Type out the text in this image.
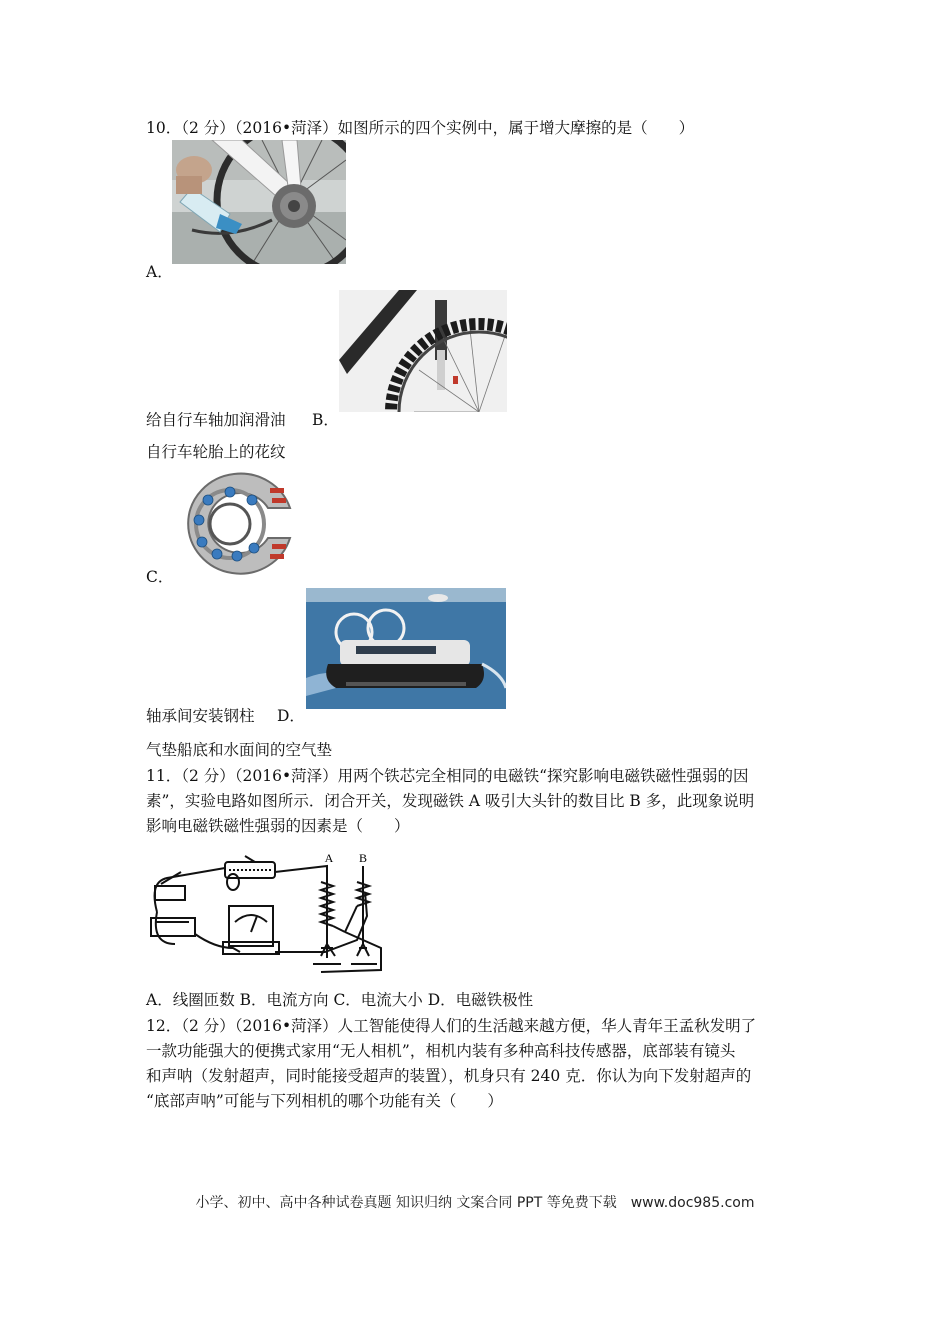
10．（2 分）（2016•菏泽）如图所示的四个实例中，属于增大摩擦的是（　　）
A．
给自行车轴加润滑油 B．
自行车轮胎上的花纹
C．
轴承间安装钢柱 D．
气垫船底和水面间的空气垫
11．（2 分）（2016•菏泽）用两个铁芯完全相同的电磁铁“探究影响电磁铁磁性强弱的因
素”，实验电路如图所示．闭合开关，发现磁铁 A 吸引大头针的数目比 B 多，此现象说明
影响电磁铁磁性强弱的因素是（　　）
A B
A．线圈匝数 B．电流方向 C．电流大小 D．电磁铁极性
12．（2 分）（2016•菏泽）人工智能使得人们的生活越来越方便，华人青年王孟秋发明了
一款功能强大的便携式家用“无人相机”，相机内装有多种高科技传感器，底部装有镜头
和声呐（发射超声，同时能接受超声的装置），机身只有 240 克．你认为向下发射超声的
“底部声呐”可能与下列相机的哪个功能有关（　　）
小学、初中、高中各种试卷真题 知识归纳 文案合同 PPT 等免费下载　www.doc985.com
